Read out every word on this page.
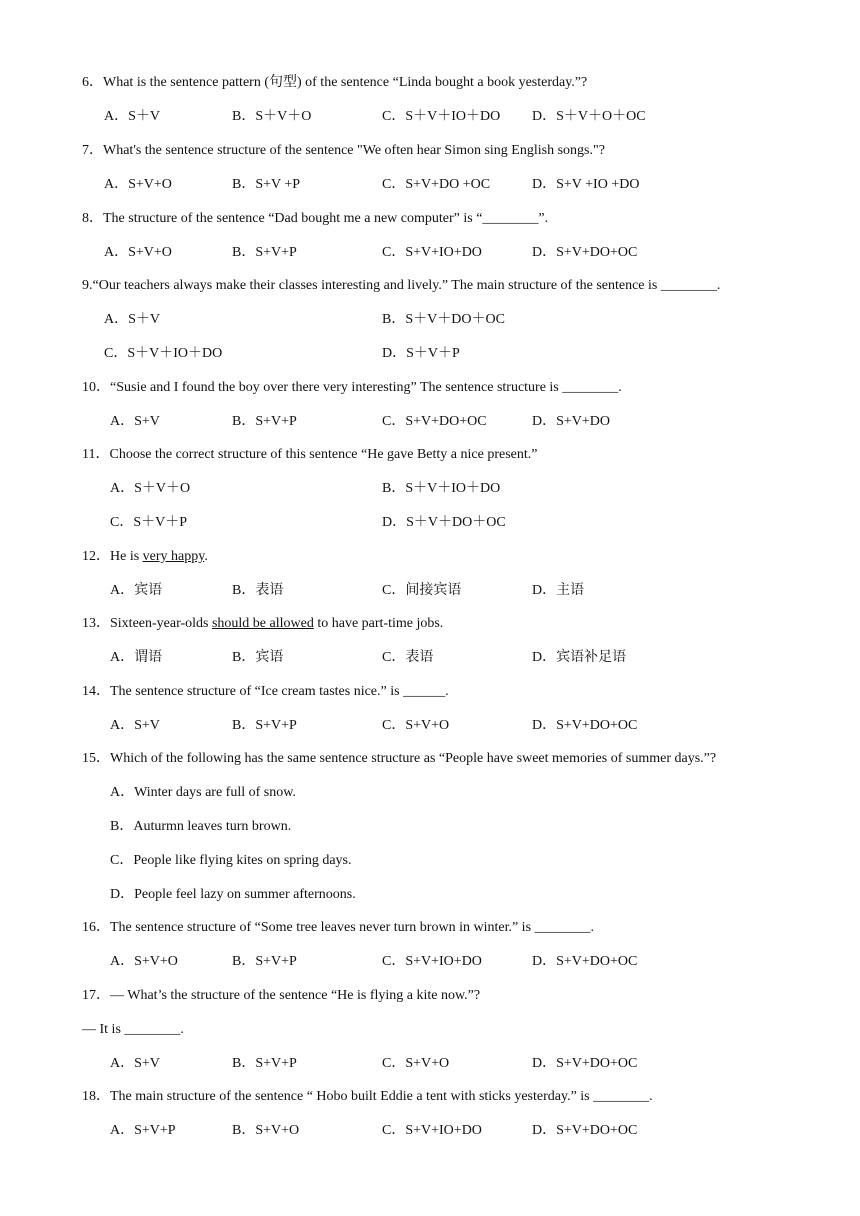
6．What is the sentence pattern (句型) of the sentence “Linda bought a book yesterday.”?
A．S＋V	B．S＋V＋O	C．S＋V＋IO＋DO D．S＋V＋O＋OC
7．What's the sentence structure of the sentence "We often hear Simon sing English songs."?
A．S+V+O	B．S+V +P	C．S+V+DO +OC	D．S+V +IO +DO
8．The structure of the sentence “Dad bought me a new computer” is “________”.
A．S+V+O	B．S+V+P	C．S+V+IO+DO	D．S+V+DO+OC
9.“Our teachers always make their classes interesting and lively.” The main structure of the sentence is ________.
A．S＋V	B．S＋V＋DO＋OC
C．S＋V＋IO＋DO	D．S＋V＋P
10．“Susie and I found the boy over there very interesting” The sentence structure is ________.
A．S+V	B．S+V+P	C．S+V+DO+OC	D．S+V+DO
11．Choose the correct structure of this sentence “He gave Betty a nice present.”
A．S＋V＋O	B．S＋V＋IO＋DO
C．S＋V＋P	D．S＋V＋DO＋OC
12．He is very happy.
A．宾语	B．表语	C．间接宾语	D．主语
13．Sixteen-year-olds should be allowed to have part-time jobs.
A．谓语	B．宾语	C．表语	D．宾语补足语
14．The sentence structure of “Ice cream tastes nice.” is ______.
A．S+V	B．S+V+P	C．S+V+O	D．S+V+DO+OC
15．Which of the following has the same sentence structure as “People have sweet memories of summer days.”?
A．Winter days are full of snow.
B．Auturmn leaves turn brown.
C．People like flying kites on spring days.
D．People feel lazy on summer afternoons.
16．The sentence structure of “Some tree leaves never turn brown in winter.” is ________.
A．S+V+O	B．S+V+P	C．S+V+IO+DO	D．S+V+DO+OC
17．— What’s the structure of the sentence “He is flying a kite now.”?
— It is ________.
A．S+V	B．S+V+P	C．S+V+O	D．S+V+DO+OC
18．The main structure of the sentence “ Hobo built Eddie a tent with sticks yesterday.” is ________.
A．S+V+P	B．S+V+O	C．S+V+IO+DO	D．S+V+DO+OC
